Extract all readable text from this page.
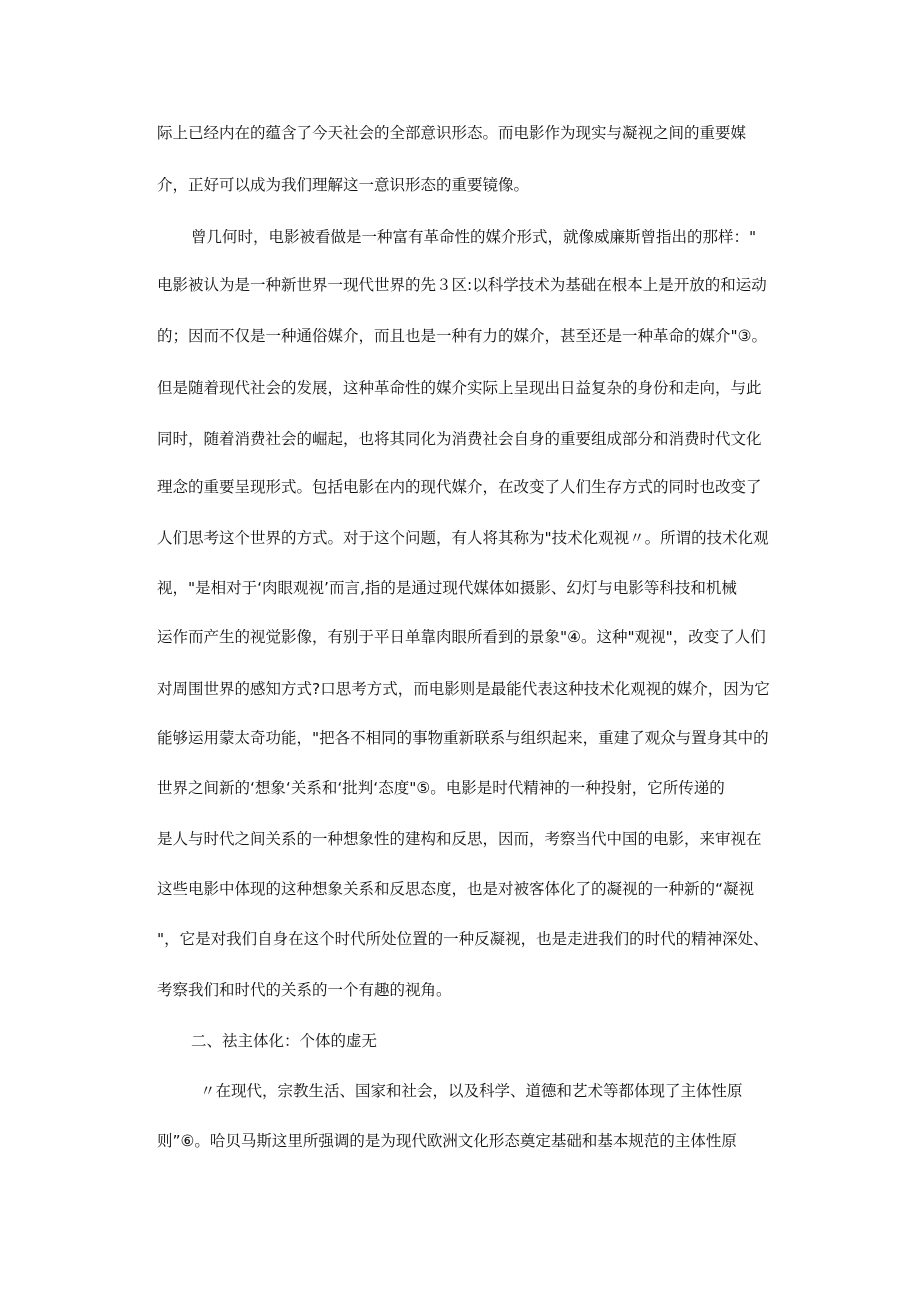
际上已经内在的蕴含了今天社会的全部意识形态。而电影作为现实与凝视之间的重要媒
介，正好可以成为我们理解这一意识形态的重要镜像。
曾几何时，电影被看做是一种富有革命性的媒介形式，就像威廉斯曾指出的那样："
电影被认为是一种新世界一现代世界的先３区:以科学技术为基础在根本上是开放的和运动
的；因而不仅是一种通俗媒介，而且也是一种有力的媒介，甚至还是一种革命的媒介"③。
但是随着现代社会的发展，这种革命性的媒介实际上呈现出日益复杂的身份和走向，与此
同时，随着消费社会的崛起，也将其同化为消费社会自身的重要组成部分和消费时代文化
理念的重要呈现形式。包括电影在内的现代媒介，在改变了人们生存方式的同时也改变了
人们思考这个世界的方式。对于这个问题，有人将其称为"技术化观视〃。所谓的技术化观
视，"是相对于‘肉眼观视’而言,指的是通过现代媒体如摄影、幻灯与电影等科技和机械
运作而产生的视觉影像，有别于平日单靠肉眼所看到的景象"④。这种"观视"，改变了人们
对周围世界的感知方式?口思考方式，而电影则是最能代表这种技术化观视的媒介，因为它
能够运用蒙太奇功能，"把各不相同的事物重新联系与组织起来，重建了观众与置身其中的
世界之间新的‘想象‘关系和‘批判‘态度"⑤。电影是时代精神的一种投射，它所传递的
是人与时代之间关系的一种想象性的建构和反思，因而，考察当代中国的电影，来审视在
这些电影中体现的这种想象关系和反思态度，也是对被客体化了的凝视的一种新的“凝视
"，它是对我们自身在这个时代所处位置的一种反凝视，也是走进我们的时代的精神深处、
考察我们和时代的关系的一个有趣的视角。
二、祛主体化：个体的虚无
〃在现代，宗教生活、国家和社会，以及科学、道德和艺术等都体现了主体性原
则”⑥。哈贝马斯这里所强调的是为现代欧洲文化形态奠定基础和基本规范的主体性原
